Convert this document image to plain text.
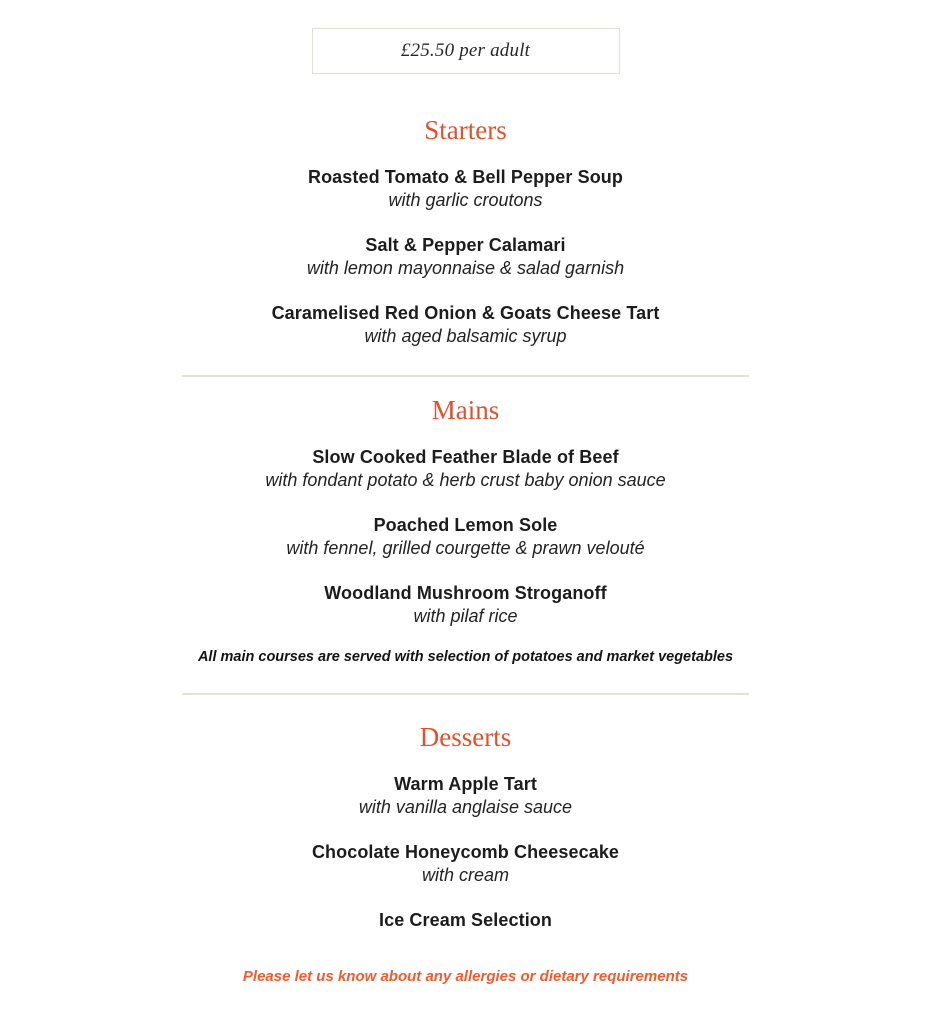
£25.50 per adult
Starters
Roasted Tomato & Bell Pepper Soup
with garlic croutons
Salt & Pepper Calamari
with lemon mayonnaise & salad garnish
Caramelised Red Onion & Goats Cheese Tart
with aged balsamic syrup
Mains
Slow Cooked Feather Blade of Beef
with fondant potato & herb crust baby onion sauce
Poached Lemon Sole
with fennel, grilled courgette & prawn velouté
Woodland Mushroom Stroganoff
with pilaf rice
All main courses are served with selection of potatoes and market vegetables
Desserts
Warm Apple Tart
with vanilla anglaise sauce
Chocolate Honeycomb Cheesecake
with cream
Ice Cream Selection
Please let us know about any allergies or dietary requirements
